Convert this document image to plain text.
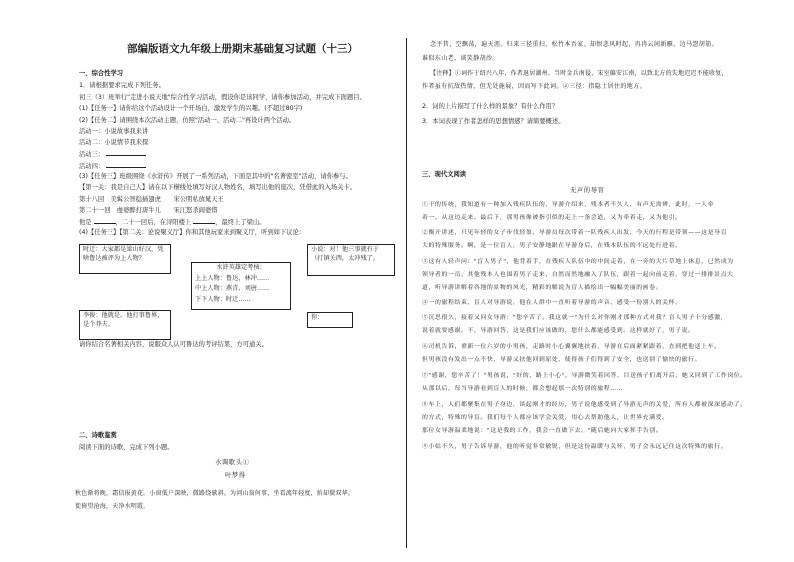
部编版语文九年级上册期末基础复习试题（十三）
一、综合性学习
1．请根据要求完成下列任务。
初三（3）班举行"走进小说天地"综合性学习活动，假设你是该同学，请你参加活动，并完成下面题目。
(1)【任务一】请你给这个活动设计一个开场白，激发学生的兴趣。(不超过80字)
(2)【任务二】请围绕本次活动主题，仿照"活动一、活动二"再设计两个活动。
活动一：小说故事我来讲
活动二：小说情节我来探
活动三：
活动四：
(3)【任务三】班级围绕《水浒传》开展了一系列活动，下面是其中的"名著密室"活动，请你参与。
【第一关：我是自己人】请在以下横线处填写好汉人物姓名，填写出他的座次，凭借此的入场关卡。
第十八回　美髯公智稳插翅虎　　宋公明私放晁天王
第二十一回　虔婆醉打唐牛儿　　宋江怒杀阎婆惜
他是	，二十一回后，在浔阳楼上	，最终上了梁山。
(4)【任务三】【第二关：论说聚义厅】你和其他玩家来到聚义厅，听到如下议论：
时迁：大家都是梁山好汉，凭啥鲁达被评为上人物？
水浒英雄定考核：
上上人物：鲁达、林冲……
中上人物：燕青、刘唐……
下下人物：时迁……
小说：对！他三事就有于（打镇关西，太冲残了。
李俊：他就是。他打事鲁界，是个莽夫。
你：
请你结合名著相关内容，说服众人认可鲁达的考评结果，方可通关。
二、诗歌鉴赏
阅读下面的诗歌，完成下列小题。
水调歌头①
叶梦得
秋色渐将晚，霜信报黄花。小窗低户深映，微路绕欹斜。为问山翁何事，坐看流年轻度，拚却鬓双华。
徙倚望沧海，天净水明霞。
念平昔，空飘荡，遍天涯。归来三径重扫，松竹本吾家。却恨悲风时起，冉冉云间新雁，边马怨胡笳。
谁似东山老，谈笑静胡沙。
【注释】①词作于绍兴八年，作者退居湖州。当时金兵南侵，宋室偏安江南，以致北方的失地迟迟不能收复，
作者虽有抗敌热情，但无处施展，因而写下此词。②三径：指隐士居住的地方。
2．词的上片描写了什么样的景象？有什么作用？
3．本词表现了作者怎样的思想情感？请简要概述。
三、现代文阅读
无声的导盲
①干的传统，我知道有一种加入残疾队伍的，导游介绍来，残本者不久人，有声无需辨，此时，一人牵
着一，从这边走来。最后下，那男孩像被指引似的走上一条会道，又为牵着走，又为他引。
②衡开讲述，只见年轻的女子步伐轻盈，导游员每次带着一队残疾人出发，今天的行程是带领——这是导盲
大的特殊服务。啊，是一位盲人，男子安静地跟在导游身后，在残本队伍的不远处行进着。
③这有人轻声问："盲人男子"，他背着手，在残疾人队伍中的中间走着，在一旁的大片草地上休息，已然成为
领导者的一员。其他残本人也围着男子走来，自然而然地融入了队伍，跟着一起向前走着，穿过一排排景点大
道，听导游讲解着各地的景物的风光，精彩的解说为盲人描绘出一幅幅美丽的画卷。
④一的旅程结束，盲人对导游说，他在人群中一直听着导游的声音，感受一份别人的关怀。
⑤沉思很久，接着又问女导游："您辛苦了，我这就一"为什么对你刚才那种方式对我？盲人男子十分感激，
说着就要感谢。不，导游回答，这是我们应该做的，您什么都能感受到。这样就好了，男子说。
⑥司机告诉，重新一位六岁的小男孩，走路时小心翼翼地扶着，导游在后面紧紧跟着，直到把他送上车。
但男孩没有发出一点不快，导游又扶他回到原处，使得孩子们得到了安全，也送别了愉快的旅行。
⑦"感谢，您辛苦了！"男孩说，"好的，路上小心"，导游微笑着回答，目送孩子们离开后，她又回到了工作岗位。
从那以后，每当导游看到盲人的时候，都会想起那一次特别的旅程……
⑧车上，人们都聚集在男子身边，谈起刚才的经历，男子说他感受到了导游无声的关爱，所有人都被深深感动了。
的方式，特殊的导盲。我们每个人都应该学会关爱，用心去帮助他人，让世界充满爱。
那位女导游温柔地说："这是我的工作，我会一直做下去。"随后她向大家挥手告别。
⑨小姑不久，男子告诉导游，他的听觉非常敏锐，但是这份温暖与关怀，男子会永远记住这次特殊的旅行。
